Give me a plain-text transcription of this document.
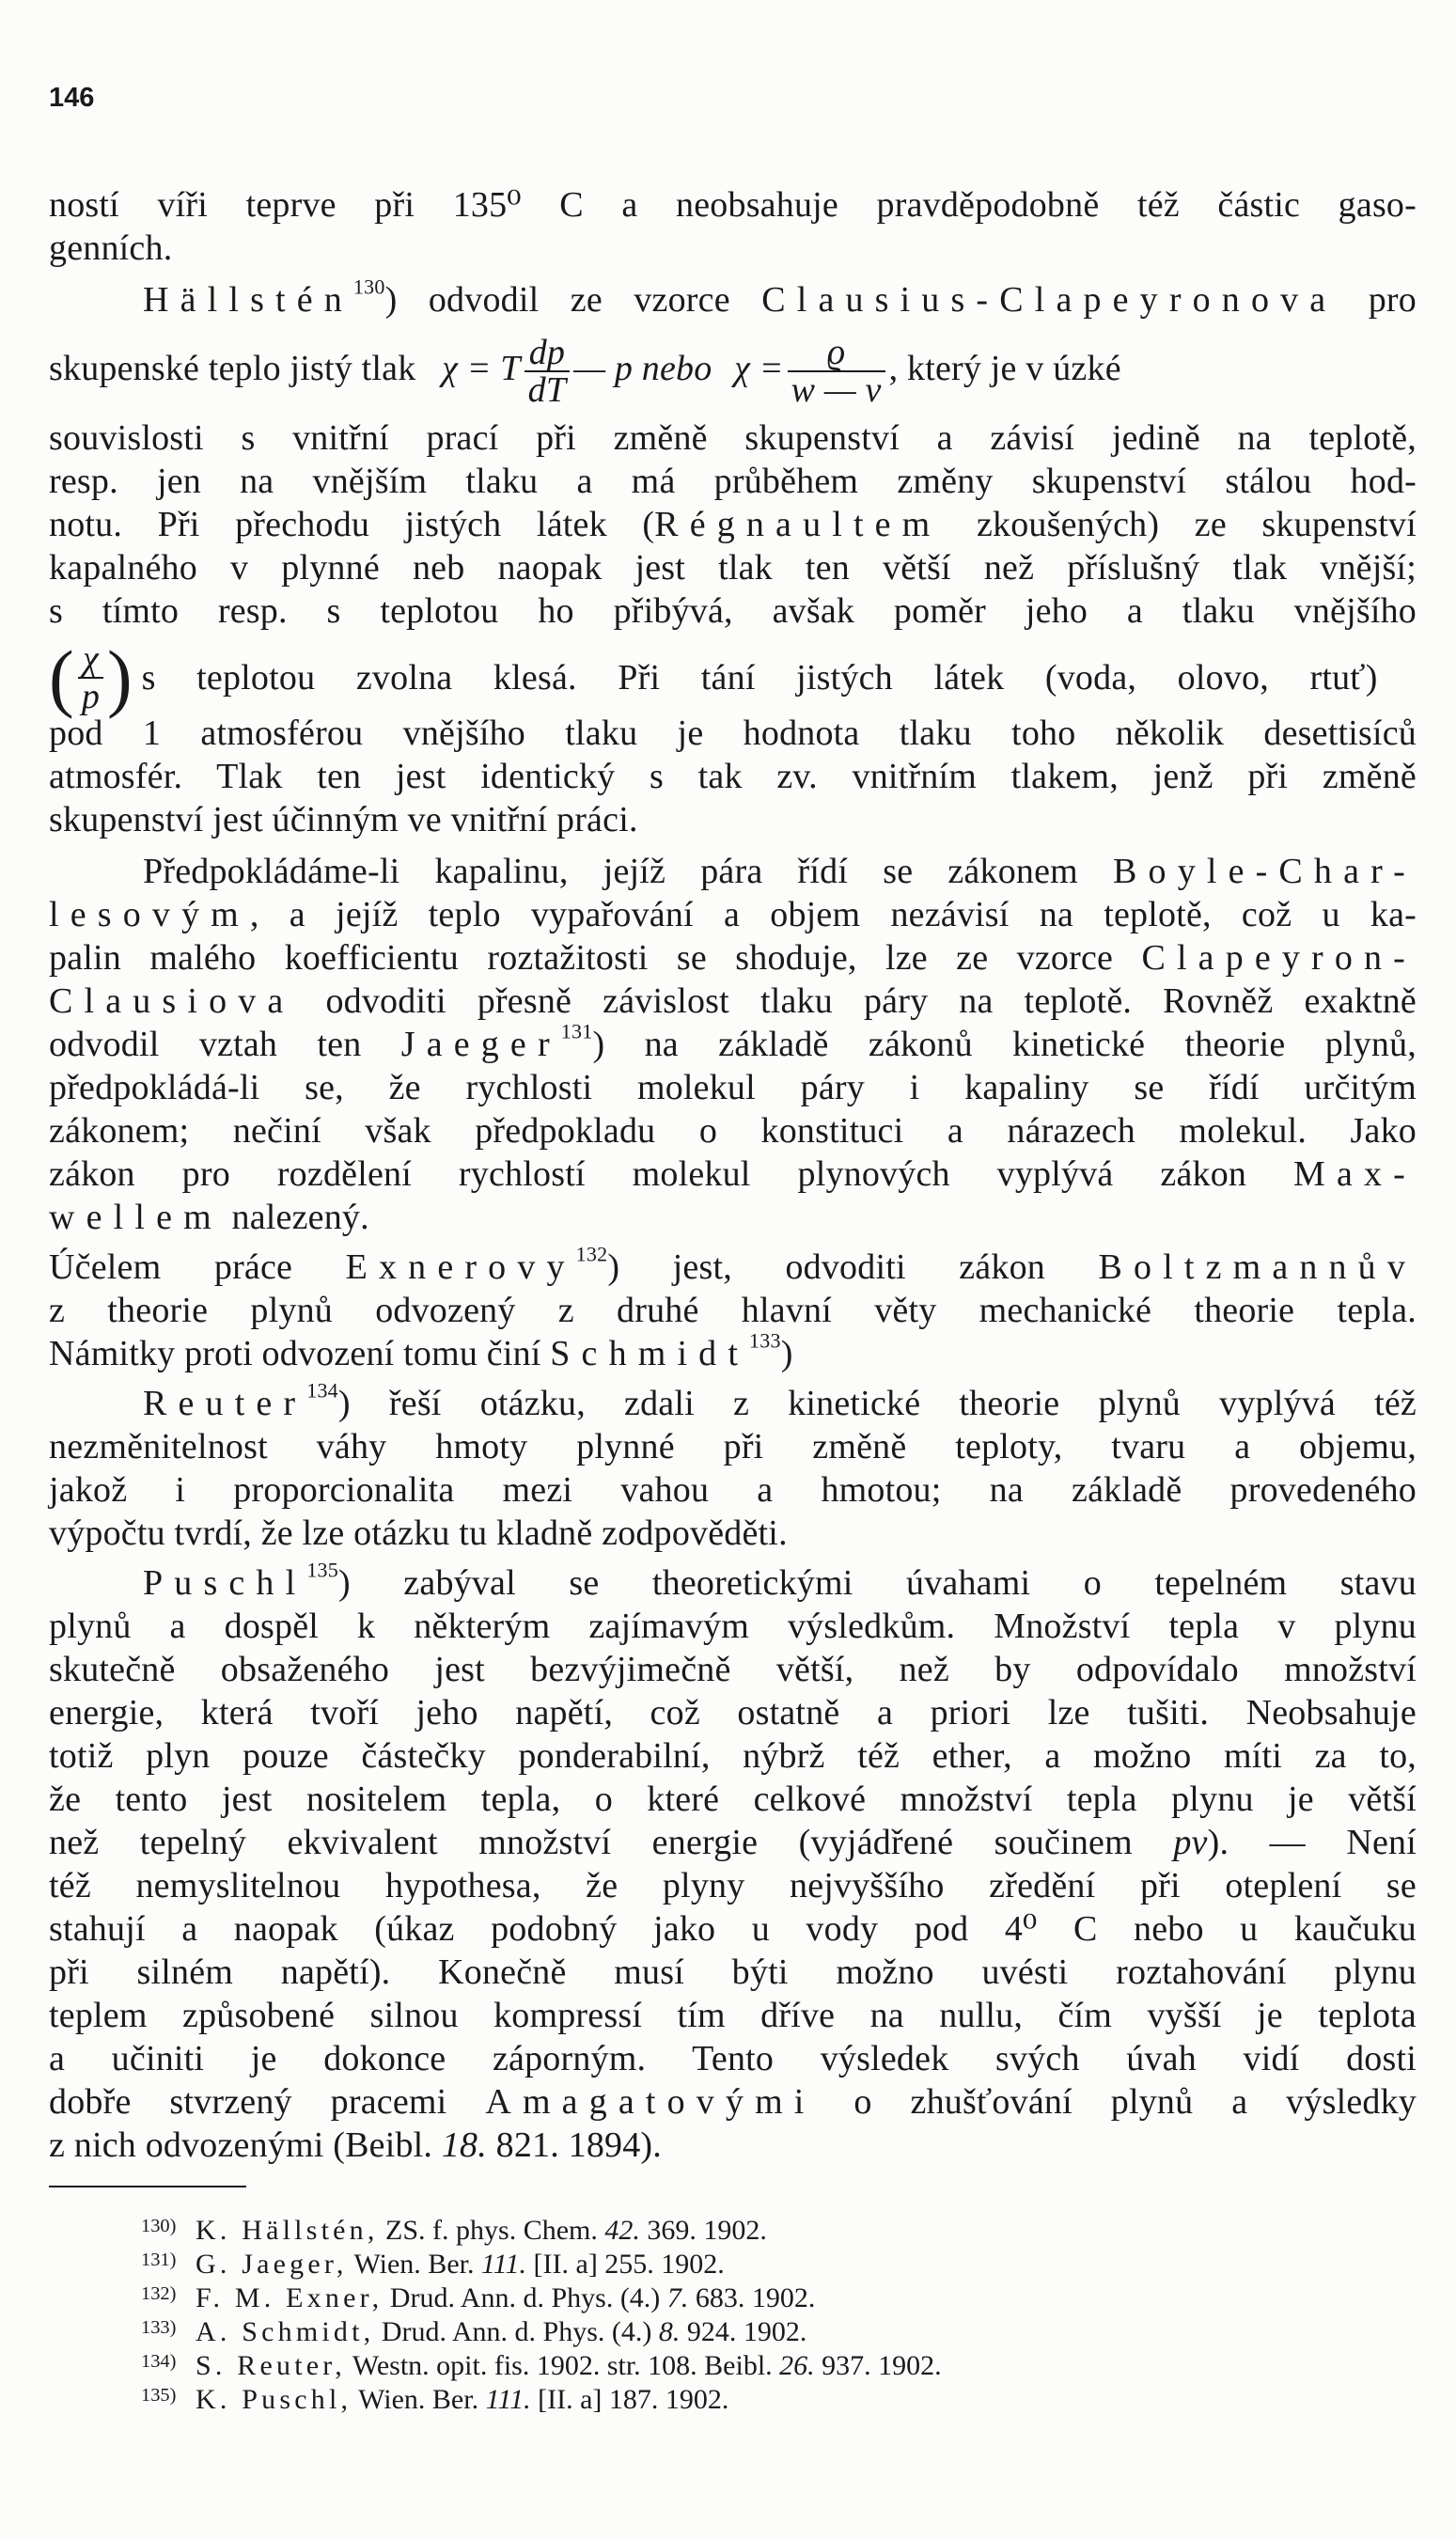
146
ností víři teprve při 135⁰ C a neobsahuje pravděpodobně též částic gaso-
genních.
Hällstén$^{130}$) odvodil ze vzorce Clausius-Clapeyronova pro
skupenské teplo jistý tlak χ = T $\frac{dp}{dT}$ — p nebo $\chi = \frac{ϱ}{w — v}$ , který je v úzké
souvislosti s vnitřní prací při změně skupenství a závisí jedině na teplotě,
resp. jen na vnějším tlaku a má průběhem změny skupenství stálou hod-
notu. Při přechodu jistých látek (Régnaultem zkoušených) ze skupenství
kapalného v plynné neb naopak jest tlak ten větší než příslušný tlak vnější;
s tímto resp. s teplotou ho přibývá, avšak poměr jeho a tlaku vnějšího
( $\frac{\chi}{p}$ ) s teplotou zvolna klesá. Při tání jistých látek (voda, olovo, rtuť)
pod 1 atmosférou vnějšího tlaku je hodnota tlaku toho několik desettisíců
atmosfér. Tlak ten jest identický s tak zv. vnitřním tlakem, jenž při změně
skupenství jest účinným ve vnitřní práci.
Předpokládáme-li kapalinu, jejíž pára řídí se zákonem Boyle-Char-
lesovým, a jejíž teplo vypařování a objem nezávisí na teplotě, což u ka-
palin malého koefficientu roztažitosti se shoduje, lze ze vzorce Clapeyron-
Clausiova odvoditi přesně závislost tlaku páry na teplotě. Rovněž exaktně
odvodil vztah ten Jaeger$^{131}$) na základě zákonů kinetické theorie plynů,
předpokládá-li se, že rychlosti molekul páry i kapaliny se řídí určitým
zákonem; nečiní však předpokladu o konstituci a nárazech molekul. Jako
zákon pro rozdělení rychlostí molekul plynových vyplývá zákon Max-
wellem nalezený.
Účelem práce Exnerovy$^{132}$) jest, odvoditi zákon Boltzmannův
z theorie plynů odvozený z druhé hlavní věty mechanické theorie tepla.
Námitky proti odvození tomu činí Schmidt$^{133}$)
Reuter$^{134}$) řeší otázku, zdali z kinetické theorie plynů vyplývá též
nezměnitelnost váhy hmoty plynné při změně teploty, tvaru a objemu,
jakož i proporcionalita mezi vahou a hmotou; na základě provedeného
výpočtu tvrdí, že lze otázku tu kladně zodpověděti.
Puschl$^{135}$) zabýval se theoretickými úvahami o tepelném stavu
plynů a dospěl k některým zajímavým výsledkům. Množství tepla v plynu
skutečně obsaženého jest bezvýjimečně větší, než by odpovídalo množství
energie, která tvoří jeho napětí, což ostatně a priori lze tušiti. Neobsahuje
totiž plyn pouze částečky ponderabilní, nýbrž též ether, a možno míti za to,
že tento jest nositelem tepla, o které celkové množství tepla plynu je větší
než tepelný ekvivalent množství energie (vyjádřené součinem pv). — Není
též nemyslitelnou hypothesa, že plyny nejvyššího zředění při oteplení se
stahují a naopak (úkaz podobný jako u vody pod 4⁰ C nebo u kaučuku
při silném napětí). Konečně musí býti možno uvésti roztahování plynu
teplem způsobené silnou kompressí tím dříve na nullu, čím vyšší je teplota
a učiniti je dokonce záporným. Tento výsledek svých úvah vidí dosti
dobře stvrzený pracemi Amagatovými o zhušťování plynů a výsledky
z nich odvozenými (Beibl. 18. 821. 1894).
130) K. Hällstén, ZS. f. phys. Chem. 42. 369. 1902.
131) G. Jaeger, Wien. Ber. 111. [II. a] 255. 1902.
132) F. M. Exner, Drud. Ann. d. Phys. (4.) 7. 683. 1902.
133) A. Schmidt, Drud. Ann. d. Phys. (4.) 8. 924. 1902.
134) S. Reuter, Westn. opit. fis. 1902. str. 108. Beibl. 26. 937. 1902.
135) K. Puschl, Wien. Ber. 111. [II. a] 187. 1902.
